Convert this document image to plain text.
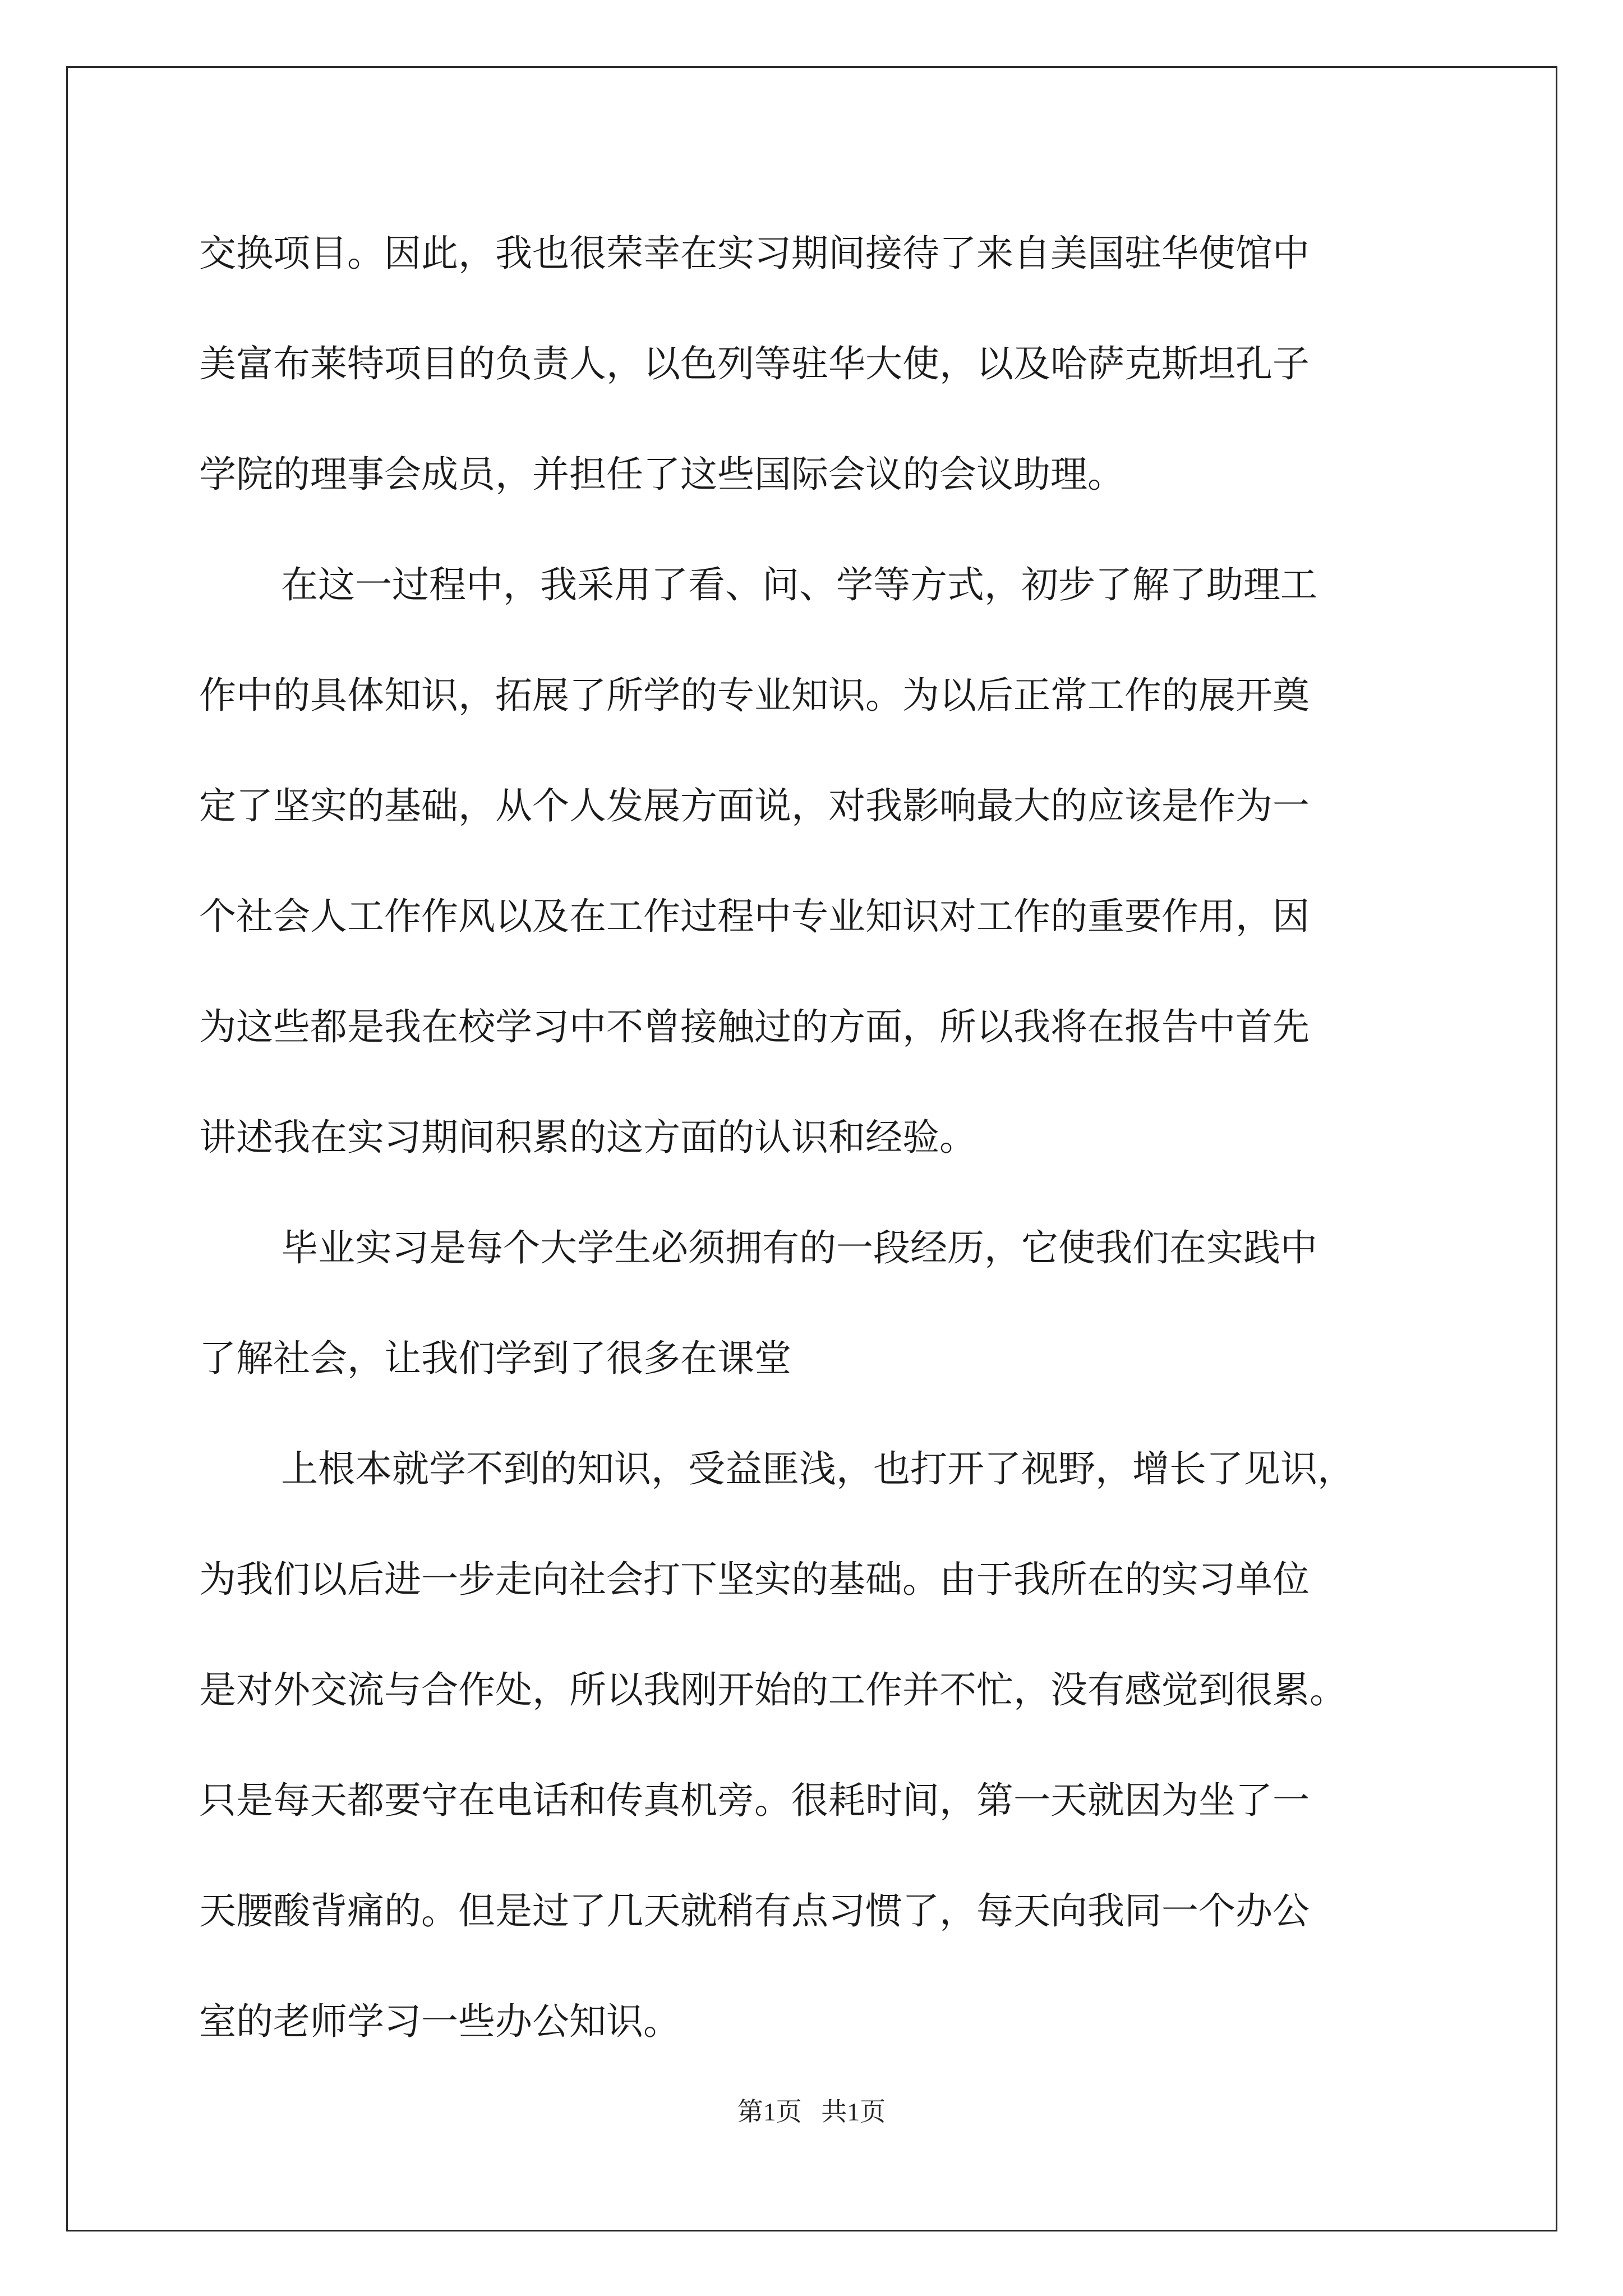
交换项目。因此，我也很荣幸在实习期间接待了来自美国驻华使馆中
美富布莱特项目的负责人，以色列等驻华大使，以及哈萨克斯坦孔子
学院的理事会成员，并担任了这些国际会议的会议助理。
在这一过程中，我采用了看、问、学等方式，初步了解了助理工
作中的具体知识，拓展了所学的专业知识。为以后正常工作的展开奠
定了坚实的基础，从个人发展方面说，对我影响最大的应该是作为一
个社会人工作作风以及在工作过程中专业知识对工作的重要作用，因
为这些都是我在校学习中不曾接触过的方面，所以我将在报告中首先
讲述我在实习期间积累的这方面的认识和经验。
毕业实习是每个大学生必须拥有的一段经历，它使我们在实践中
了解社会，让我们学到了很多在课堂
上根本就学不到的知识，受益匪浅，也打开了视野，增长了见识，
为我们以后进一步走向社会打下坚实的基础。由于我所在的实习单位
是对外交流与合作处，所以我刚开始的工作并不忙，没有感觉到很累。
只是每天都要守在电话和传真机旁。很耗时间，第一天就因为坐了一
天腰酸背痛的。但是过了几天就稍有点习惯了，每天向我同一个办公
室的老师学习一些办公知识。
第1页   共1页
